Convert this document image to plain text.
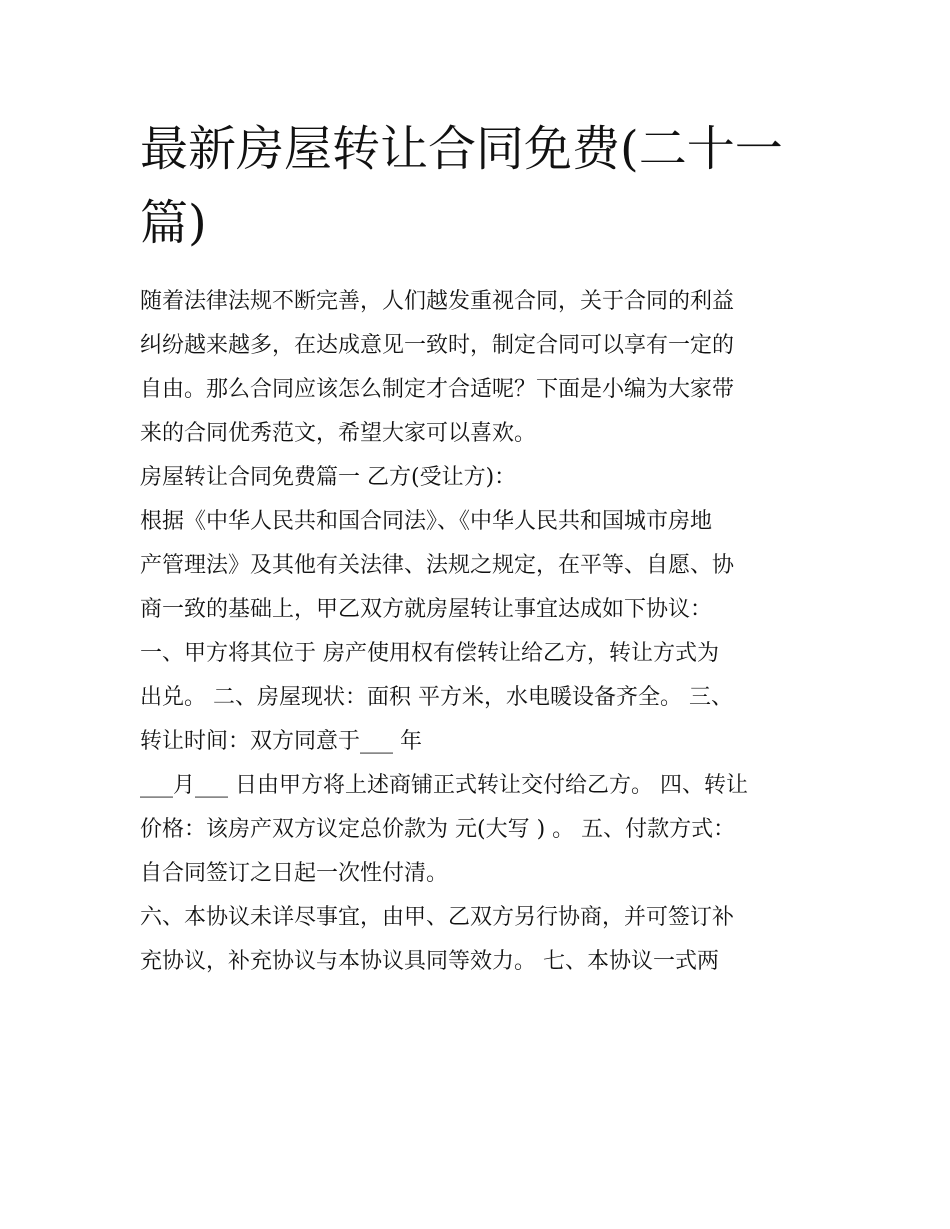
最新房屋转让合同免费(二十一
篇)

随着法律法规不断完善，人们越发重视合同，关于合同的利益
纠纷越来越多，在达成意见一致时，制定合同可以享有一定的
自由。那么合同应该怎么制定才合适呢？下面是小编为大家带
来的合同优秀范文，希望大家可以喜欢。

房屋转让合同免费篇一 乙方(受让方)：

根据《中华人民共和国合同法》、《中华人民共和国城市房地
产管理法》及其他有关法律、法规之规定，在平等、自愿、协
商一致的基础上，甲乙双方就房屋转让事宜达成如下协议：

一、甲方将其位于 房产使用权有偿转让给乙方，转让方式为
出兑。 二、房屋现状：面积 平方米，水电暖设备齐全。 三、
转让时间：双方同意于___ 年

___月___ 日由甲方将上述商铺正式转让交付给乙方。 四、转让
价格：该房产双方议定总价款为 元(大写 ) 。 五、付款方式：
自合同签订之日起一次性付清。

六、本协议未详尽事宜，由甲、乙双方另行协商，并可签订补
充协议，补充协议与本协议具同等效力。 七、本协议一式两
